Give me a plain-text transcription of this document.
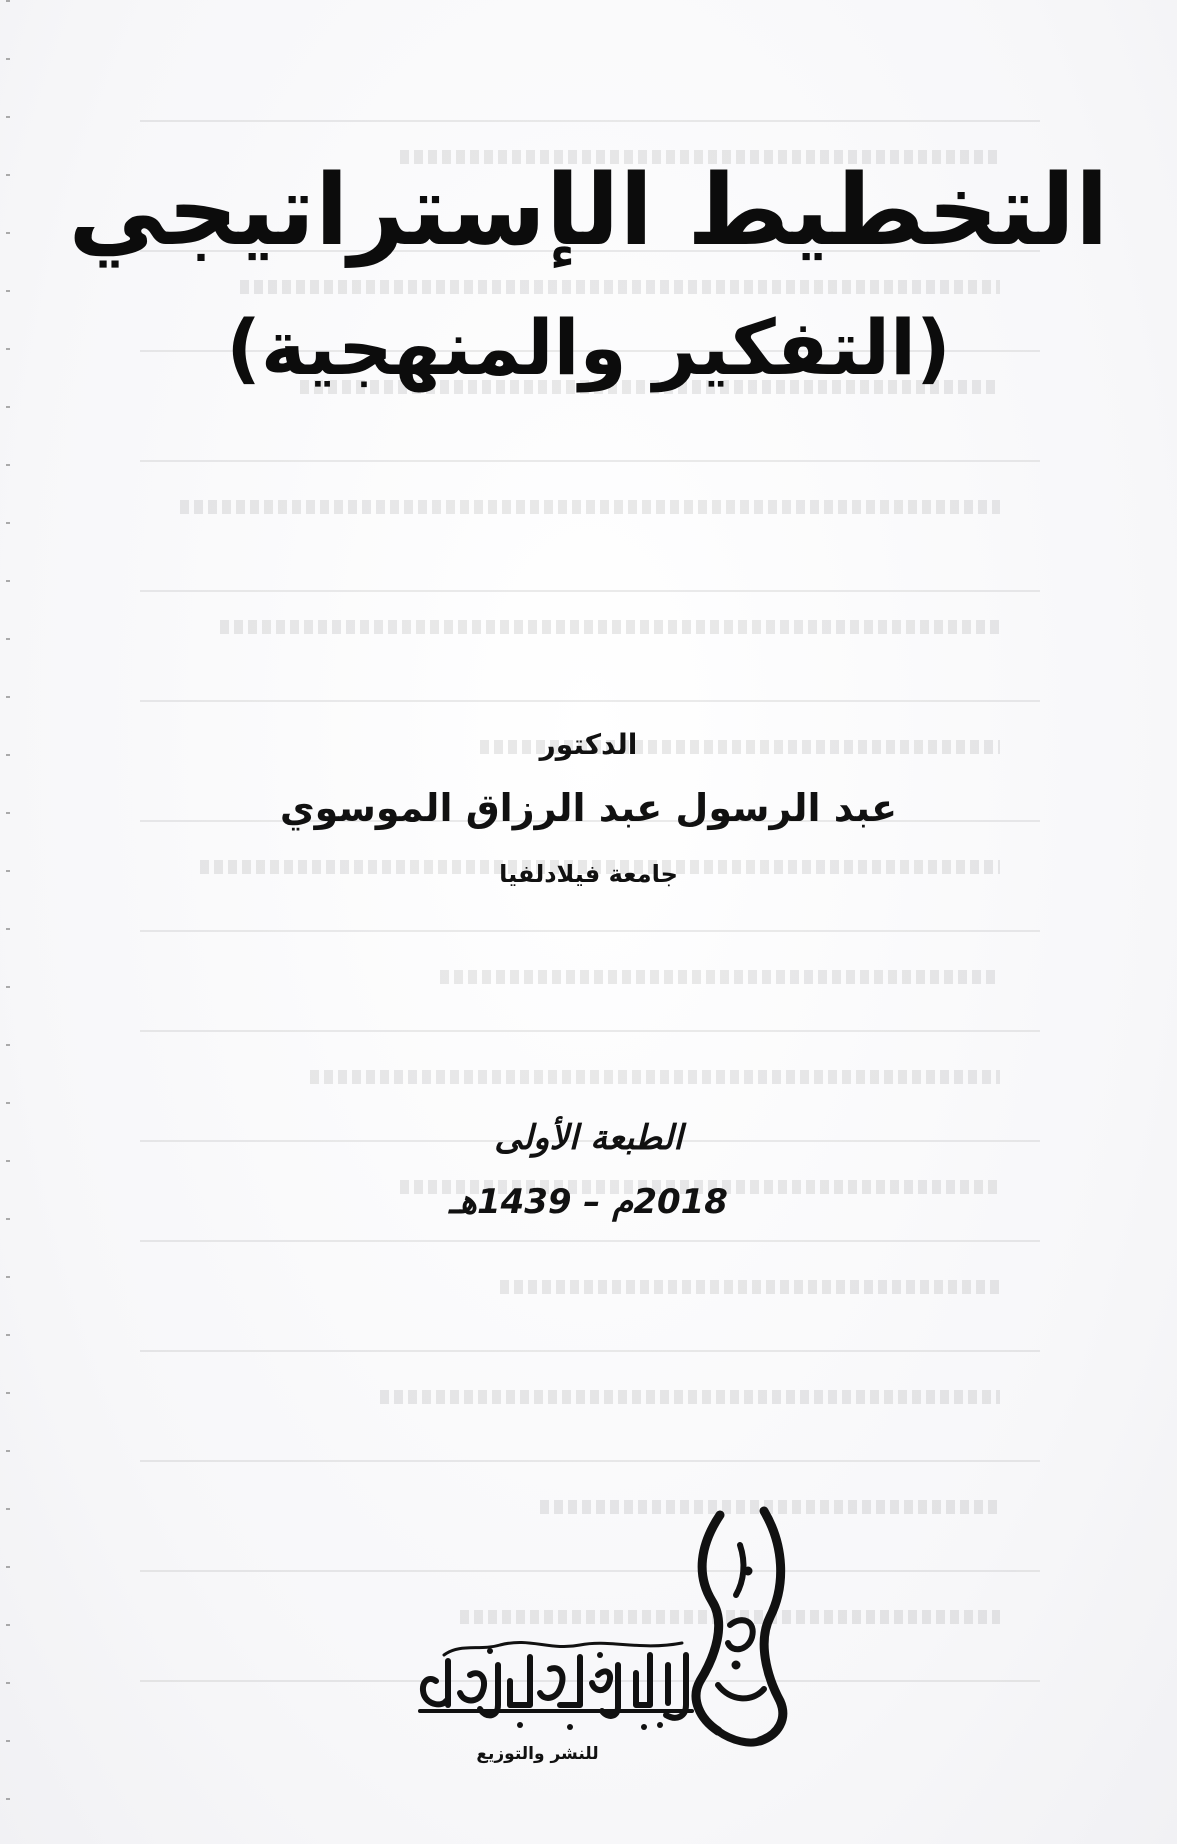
التخطيط الإستراتيجي
(التفكير والمنهجية)
الدكتور
عبد الرسول عبد الرزاق الموسوي
جامعة فيلادلفيا
الطبعة الأولى
2018م – 1439هـ
للنشر والتوزيع
